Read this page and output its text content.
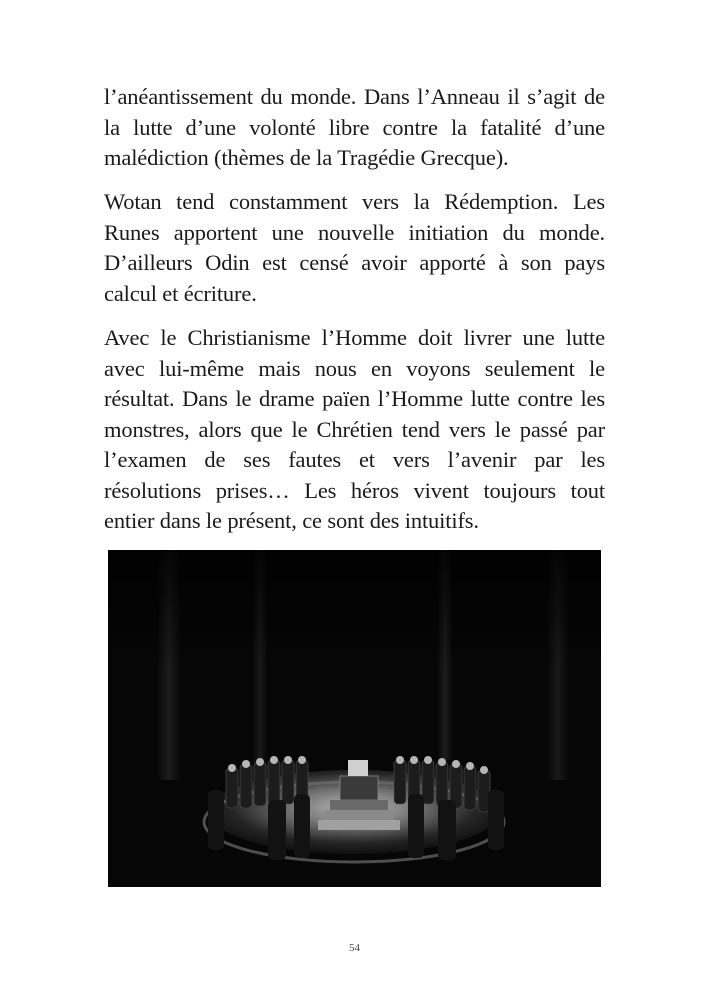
l’anéantissement du monde. Dans l’Anneau il s’agit de la lutte d’une volonté libre contre la fatalité d’une malédiction (thèmes de la Tragédie Grecque).
Wotan tend constamment vers la Rédemption. Les Runes apportent une nouvelle initiation du monde. D’ailleurs Odin est censé avoir apporté à son pays calcul et écriture.
Avec le Christianisme l’Homme doit livrer une lutte avec lui-même mais nous en voyons seulement le résultat. Dans le drame païen l’Homme lutte contre les monstres, alors que le Chrétien tend vers le passé par l’examen de ses fautes et vers l’avenir par les résolutions prises… Les héros vivent toujours tout entier dans le présent, ce sont des intuitifs.
54
